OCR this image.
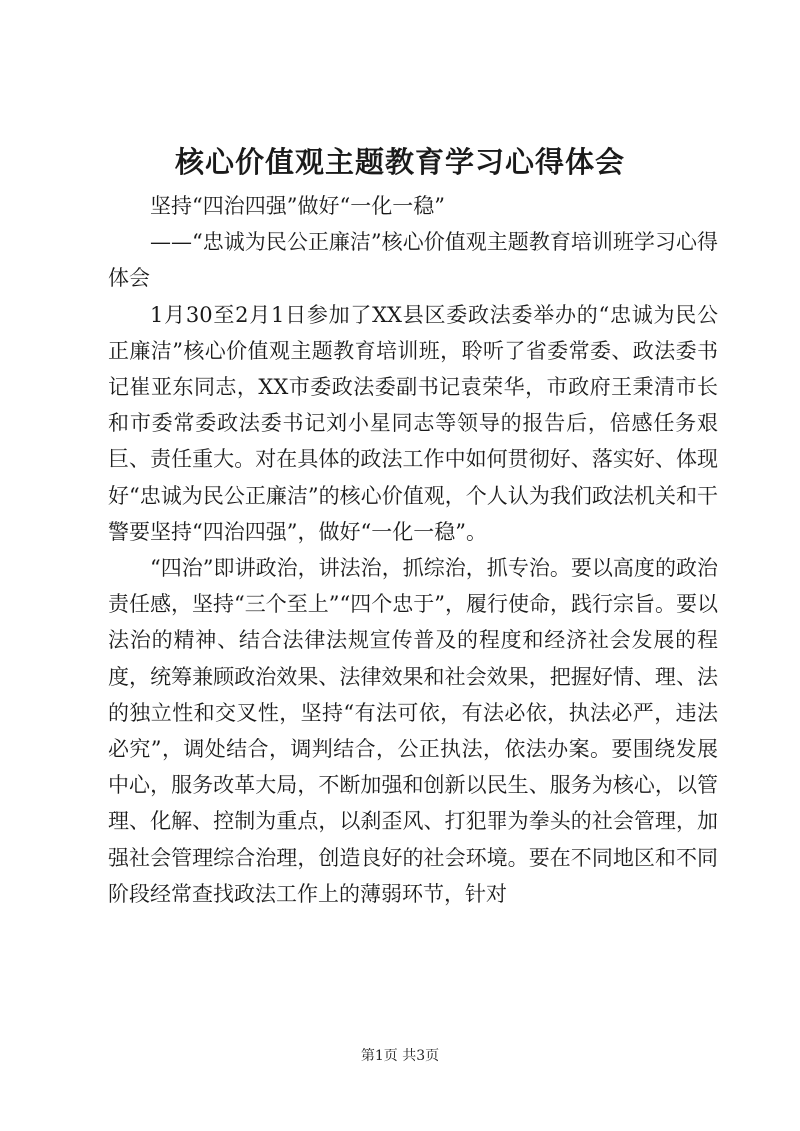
核心价值观主题教育学习心得体会

坚持“四治四强”做好“一化一稳”

——“忠诚为民公正廉洁”核心价值观主题教育培训班学习心得体会

1月30至2月1日参加了XX县区委政法委举办的“忠诚为民公正廉洁”核心价值观主题教育培训班，聆听了省委常委、政法委书记崔亚东同志，XX市委政法委副书记袁荣华，市政府王秉清市长和市委常委政法委书记刘小星同志等领导的报告后，倍感任务艰巨、责任重大。对在具体的政法工作中如何贯彻好、落实好、体现好“忠诚为民公正廉洁”的核心价值观，个人认为我们政法机关和干警要坚持“四治四强”，做好“一化一稳”。

“四治”即讲政治，讲法治，抓综治，抓专治。要以高度的政治责任感，坚持“三个至上”“四个忠于”，履行使命，践行宗旨。要以法治的精神、结合法律法规宣传普及的程度和经济社会发展的程度，统筹兼顾政治效果、法律效果和社会效果，把握好情、理、法的独立性和交叉性，坚持“有法可依，有法必依，执法必严，违法必究”，调处结合，调判结合，公正执法，依法办案。要围绕发展中心，服务改革大局，不断加强和创新以民生、服务为核心，以管理、化解、控制为重点，以刹歪风、打犯罪为拳头的社会管理，加强社会管理综合治理，创造良好的社会环境。要在不同地区和不同阶段经常查找政法工作上的薄弱环节，针对

第1页 共3页
